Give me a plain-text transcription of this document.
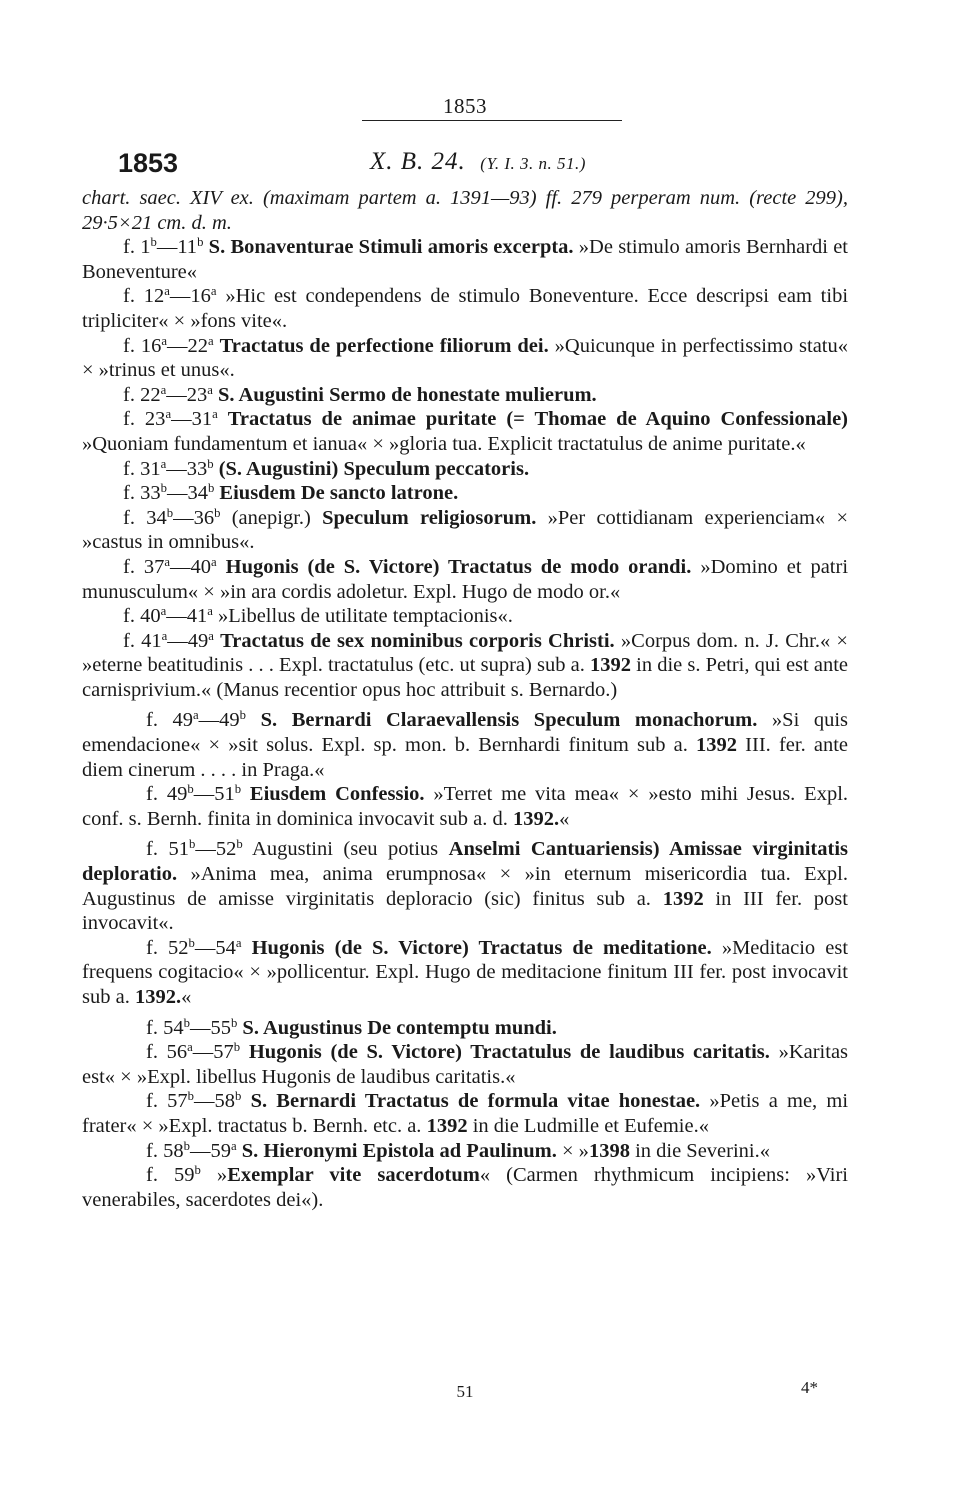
1853
1853	X. B. 24. (Y. I. 3. n. 51.)

chart. saec. XIV ex. (maximam partem a. 1391—93) ff. 279 perperam num. (recte 299), 29·5×21 cm. d. m.

f. 1$^b$—11$^b$ S. Bonaventurae Stimuli amoris excerpta. »De stimulo amoris Bernhardi et Boneventure«

f. 12$^a$—16$^a$ »Hic est condependens de stimulo Boneventure. Ecce descripsi eam tibi tripliciter« × »fons vite«.

f. 16$^a$—22$^a$ Tractatus de perfectione filiorum dei. »Quicunque in perfectissimo statu« × »trinus et unus«.

f. 22$^a$—23$^a$ S. Augustini Sermo de honestate mulierum.

f. 23$^a$—31$^a$ Tractatus de animae puritate (= Thomae de Aquino Confessionale) »Quoniam fundamentum et ianua« × »gloria tua. Explicit tractatulus de anime puritate.«

f. 31$^a$—33$^b$ (S. Augustini) Speculum peccatoris.

f. 33$^b$—34$^b$ Eiusdem De sancto latrone.

f. 34$^b$—36$^b$ (anepigr.) Speculum religiosorum. »Per cottidianam experienciam« × »castus in omnibus«.

f. 37$^a$—40$^a$ Hugonis (de S. Victore) Tractatus de modo orandi. »Domino et patri munusculum« × »in ara cordis adoletur. Expl. Hugo de modo or.«

f. 40$^a$—41$^a$ »Libellus de utilitate temptacionis«.

f. 41$^a$—49$^a$ Tractatus de sex nominibus corporis Christi. »Corpus dom. n. J. Chr.« × »eterne beatitudinis . . . Expl. tractatulus (etc. ut supra) sub a. 1392 in die s. Petri, qui est ante carnisprivium.« (Manus recentior opus hoc attribuit s. Bernardo.)

f. 49$^a$—49$^b$ S. Bernardi Claraevallensis Speculum monachorum. »Si quis emendacione« × »sit solus. Expl. sp. mon. b. Bernhardi finitum sub a. 1392 III. fer. ante diem cinerum . . . . in Praga.«

f. 49$^b$—51$^b$ Eiusdem Confessio. »Terret me vita mea« × »esto mihi Jesus. Expl. conf. s. Bernh. finita in dominica invocavit sub a. d. 1392.«

f. 51$^b$—52$^b$ Augustini (seu potius Anselmi Cantuariensis) Amissae virginitatis deploratio. »Anima mea, anima erumpnosa« × »in eternum misericordia tua. Expl. Augustinus de amisse virginitatis deploracio (sic) finitus sub a. 1392 in III fer. post invocavit«.

f. 52$^b$—54$^a$ Hugonis (de S. Victore) Tractatus de meditatione. »Meditacio est frequens cogitacio« × »pollicentur. Expl. Hugo de meditacione finitum III fer. post invocavit sub a. 1392.«

f. 54$^b$—55$^b$ S. Augustinus De contemptu mundi.

f. 56$^a$—57$^b$ Hugonis (de S. Victore) Tractatulus de laudibus caritatis. »Karitas est« × »Expl. libellus Hugonis de laudibus caritatis.«

f. 57$^b$—58$^b$ S. Bernardi Tractatus de formula vitae honestae. »Petis a me, mi frater« × »Expl. tractatus b. Bernh. etc. a. 1392 in die Ludmille et Eufemie.«

f. 58$^b$—59$^a$ S. Hieronymi Epistola ad Paulinum. × »1398 in die Severini.«

f. 59$^b$ »Exemplar vite sacerdotum« (Carmen rhythmicum incipiens: »Viri venerabiles, sacerdotes dei«).

51	4*
